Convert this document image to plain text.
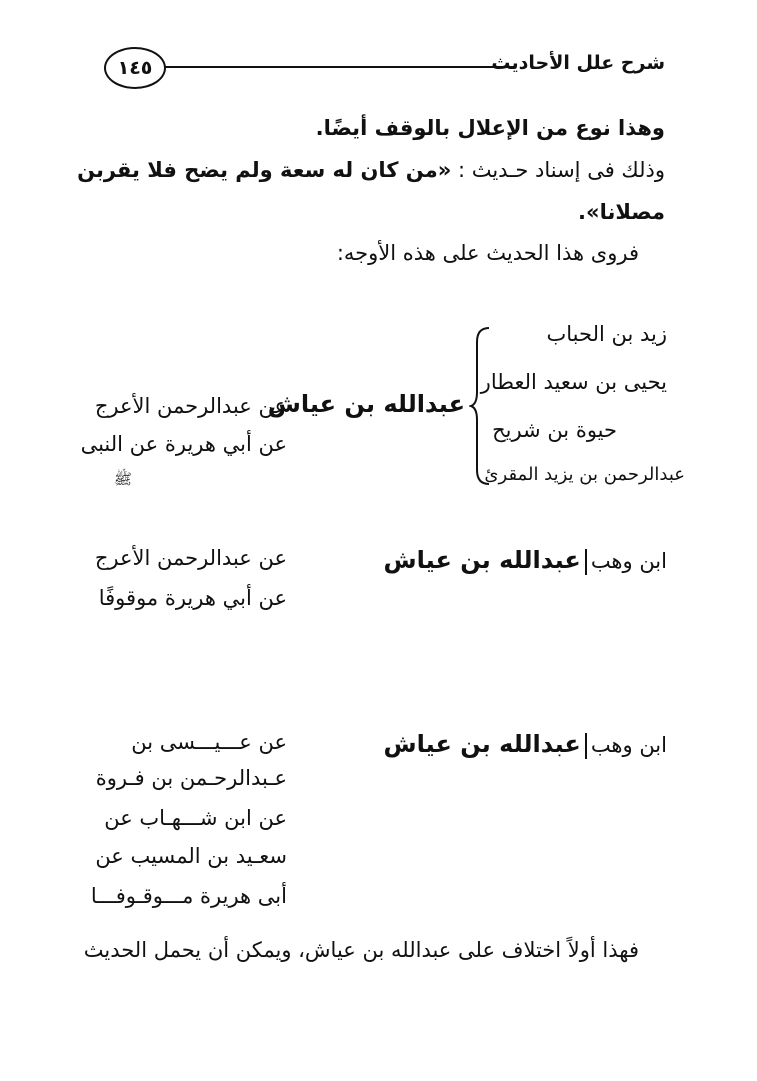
شرح علل الأحاديث
١٤٥
وهذا نوع من الإعلال بالوقف أيضًا.
وذلك فى إسناد حـديث : «من كان له سعة ولم يضح فلا يقربن
مصلانا».
فروى هذا الحديث على هذه الأوجه:
زيد بن الحباب
يحيى بن سعيد العطار
حيوة بن شريح
عبدالرحمن بن يزيد المقرئ
عبدالله بن عياش
عن عبدالرحمن الأعرج
عن أبي هريرة عن النبى
ﷺ
ابن وهبعبدالله بن عياش
عن عبدالرحمن الأعرج
عن أبي هريرة موقوفًا
ابن وهبعبدالله بن عياش
عن عـــيـــسى بن
عـبدالرحـمن بن فـروة
عن ابن شـــهـاب عن
سعـيد بن المسيب عن
أبى هريرة مـــوقـوفـــا
فهذا أولاً اختلاف على عبدالله بن عياش، ويمكن أن يحمل الحديث
